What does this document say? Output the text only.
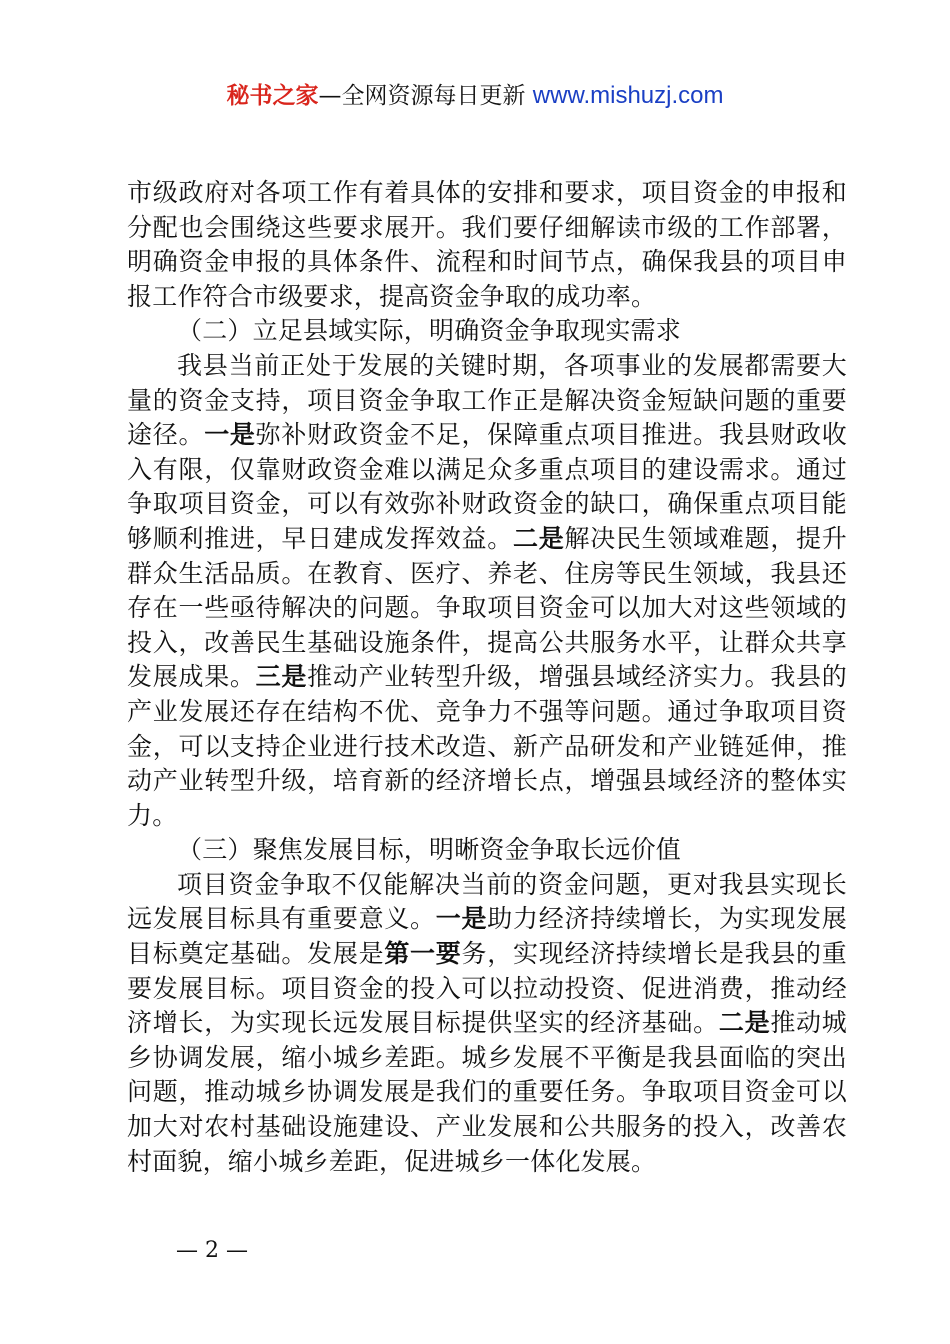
秘书之家—全网资源每日更新 www.mishuzj.com

市级政府对各项工作有着具体的安排和要求，项目资金的申报和分配也会围绕这些要求展开。我们要仔细解读市级的工作部署，明确资金申报的具体条件、流程和时间节点，确保我县的项目申报工作符合市级要求，提高资金争取的成功率。

（二）立足县域实际，明确资金争取现实需求

我县当前正处于发展的关键时期，各项事业的发展都需要大量的资金支持，项目资金争取工作正是解决资金短缺问题的重要途径。一是弥补财政资金不足，保障重点项目推进。我县财政收入有限，仅靠财政资金难以满足众多重点项目的建设需求。通过争取项目资金，可以有效弥补财政资金的缺口，确保重点项目能够顺利推进，早日建成发挥效益。二是解决民生领域难题，提升群众生活品质。在教育、医疗、养老、住房等民生领域，我县还存在一些亟待解决的问题。争取项目资金可以加大对这些领域的投入，改善民生基础设施条件，提高公共服务水平，让群众共享发展成果。三是推动产业转型升级，增强县域经济实力。我县的产业发展还存在结构不优、竞争力不强等问题。通过争取项目资金，可以支持企业进行技术改造、新产品研发和产业链延伸，推动产业转型升级，培育新的经济增长点，增强县域经济的整体实力。

（三）聚焦发展目标，明晰资金争取长远价值

项目资金争取不仅能解决当前的资金问题，更对我县实现长远发展目标具有重要意义。一是助力经济持续增长，为实现发展目标奠定基础。发展是第一要务，实现经济持续增长是我县的重要发展目标。项目资金的投入可以拉动投资、促进消费，推动经济增长，为实现长远发展目标提供坚实的经济基础。二是推动城乡协调发展，缩小城乡差距。城乡发展不平衡是我县面临的突出问题，推动城乡协调发展是我们的重要任务。争取项目资金可以加大对农村基础设施建设、产业发展和公共服务的投入，改善农村面貌，缩小城乡差距，促进城乡一体化发展。

— 2 —
